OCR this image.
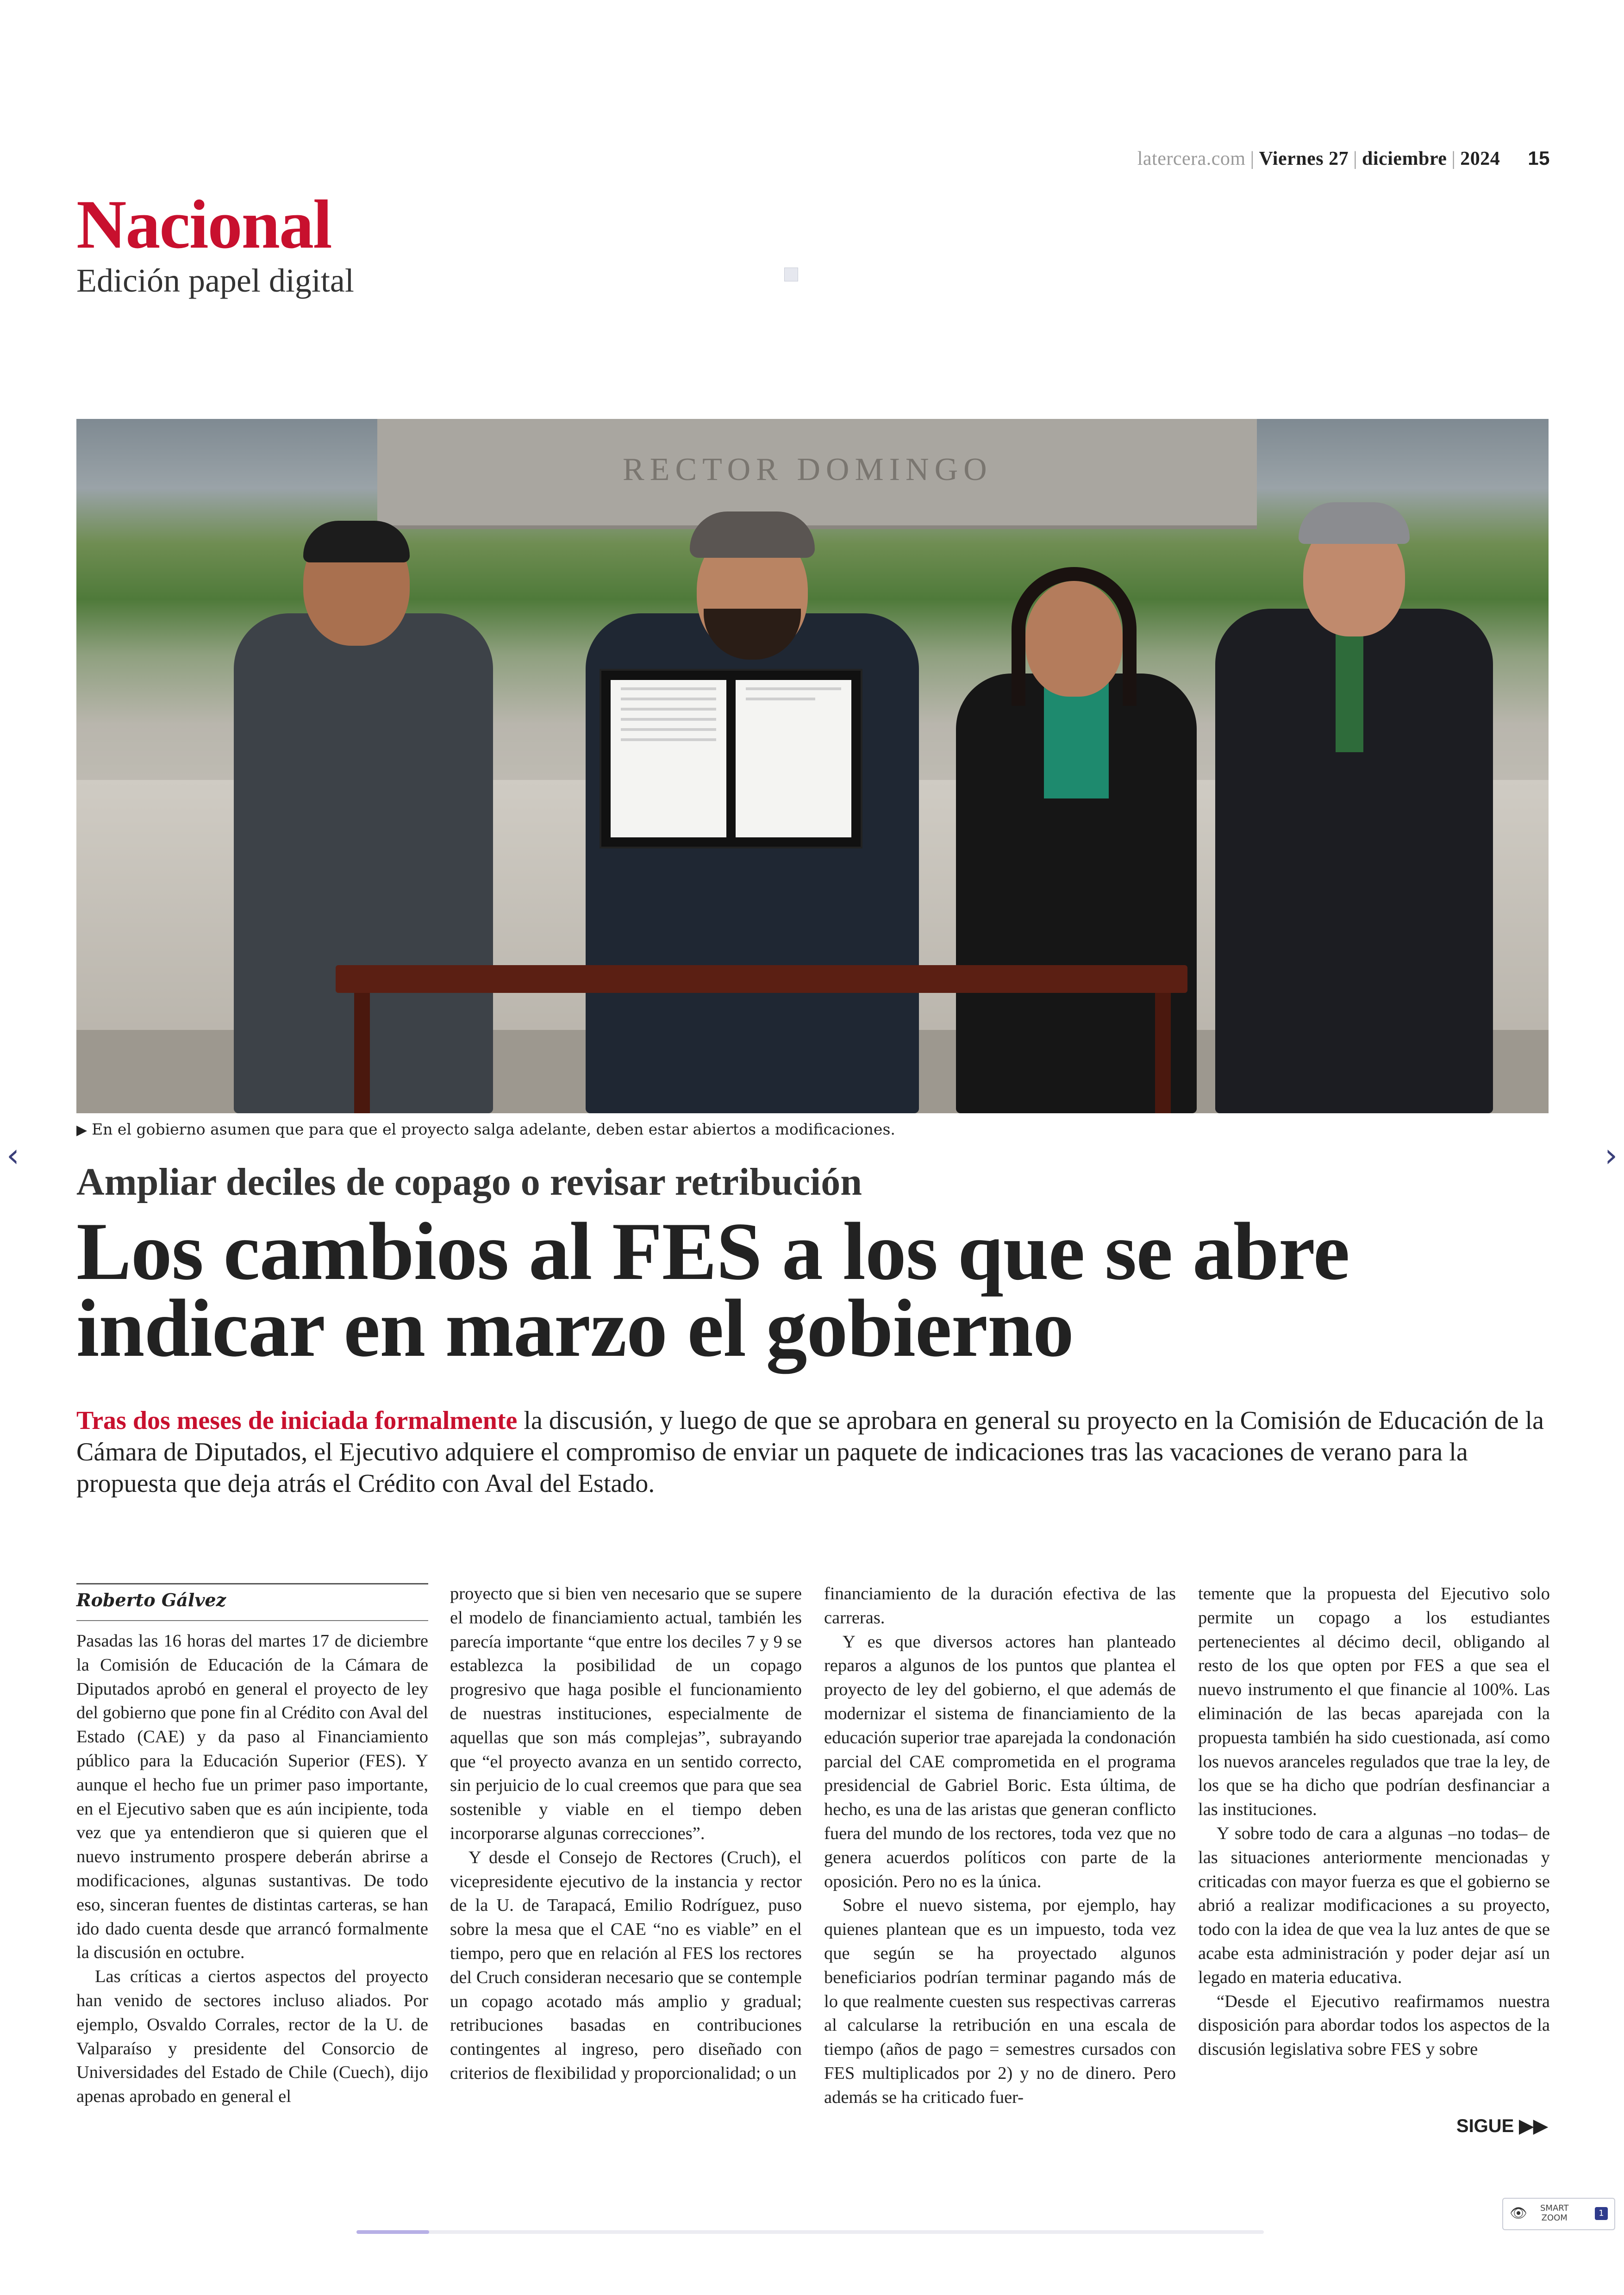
latercera.com | Viernes 27 | diciembre | 2024 15
Nacional
Edición papel digital
RECTOR DOMINGO
▶ En el gobierno asumen que para que el proyecto salga adelante, deben estar abiertos a modificaciones.
Ampliar deciles de copago o revisar retribución
Los cambios al FES a los que se abre
indicar en marzo el gobierno
Tras dos meses de iniciada formalmente la discusión, y luego de que se aprobara en general su proyecto en la Comisión de Educación de la Cámara de Diputados, el Ejecutivo adquiere el compromiso de enviar un paquete de indicaciones tras las vacaciones de verano para la propuesta que deja atrás el Crédito con Aval del Estado.
Roberto Gálvez

Pasadas las 16 horas del martes 17 de diciembre la Comisión de Educación de la Cámara de Diputados aprobó en general el proyecto de ley del gobierno que pone fin al Crédito con Aval del Estado (CAE) y da paso al Financiamiento público para la Educación Superior (FES). Y aunque el hecho fue un primer paso importante, en el Ejecutivo saben que es aún incipiente, toda vez que ya entendieron que si quieren que el nuevo instrumento prospere deberán abrirse a modificaciones, algunas sustantivas. De todo eso, sinceran fuentes de distintas carteras, se han ido dado cuenta desde que arrancó formalmente la discusión en octubre.

Las críticas a ciertos aspectos del proyecto han venido de sectores incluso aliados. Por ejemplo, Osvaldo Corrales, rector de la U. de Valparaíso y presidente del Consorcio de Universidades del Estado de Chile (Cuech), dijo apenas aprobado en general el

proyecto que si bien ven necesario que se supere el modelo de financiamiento actual, también les parecía importante “que entre los deciles 7 y 9 se establezca la posibilidad de un copago progresivo que haga posible el funcionamiento de nuestras instituciones, especialmente de aquellas que son más complejas”, subrayando que “el proyecto avanza en un sentido correcto, sin perjuicio de lo cual creemos que para que sea sostenible y viable en el tiempo deben incorporarse algunas correcciones”.

Y desde el Consejo de Rectores (Cruch), el vicepresidente ejecutivo de la instancia y rector de la U. de Tarapacá, Emilio Rodríguez, puso sobre la mesa que el CAE “no es viable” en el tiempo, pero que en relación al FES los rectores del Cruch consideran necesario que se contemple un copago acotado más amplio y gradual; retribuciones basadas en contribuciones contingentes al ingreso, pero diseñado con criterios de flexibilidad y proporcionalidad; o un

financiamiento de la duración efectiva de las carreras.

Y es que diversos actores han planteado reparos a algunos de los puntos que plantea el proyecto de ley del gobierno, el que además de modernizar el sistema de financiamiento de la educación superior trae aparejada la condonación parcial del CAE comprometida en el programa presidencial de Gabriel Boric. Esta última, de hecho, es una de las aristas que generan conflicto fuera del mundo de los rectores, toda vez que no genera acuerdos políticos con parte de la oposición. Pero no es la única.

Sobre el nuevo sistema, por ejemplo, hay quienes plantean que es un impuesto, toda vez que según se ha proyectado algunos beneficiarios podrían terminar pagando más de lo que realmente cuesten sus respectivas carreras al calcularse la retribución en una escala de tiempo (años de pago = semestres cursados con FES multiplicados por 2) y no de dinero. Pero además se ha criticado fuer-

temente que la propuesta del Ejecutivo solo permite un copago a los estudiantes pertenecientes al décimo decil, obligando al resto de los que opten por FES a que sea el nuevo instrumento el que financie al 100%. Las eliminación de las becas aparejada con la propuesta también ha sido cuestionada, así como los nuevos aranceles regulados que trae la ley, de los que se ha dicho que podrían desfinanciar a las instituciones.

Y sobre todo de cara a algunas –no todas– de las situaciones anteriormente mencionadas y criticadas con mayor fuerza es que el gobierno se abrió a realizar modificaciones a su proyecto, todo con la idea de que vea la luz antes de que se acabe esta administración y poder dejar así un legado en materia educativa.

“Desde el Ejecutivo reafirmamos nuestra disposición para abordar todos los aspectos de la discusión legislativa sobre FES y sobre

SIGUE ▶▶
‹	›
👁 SMART
ZOOM	1
